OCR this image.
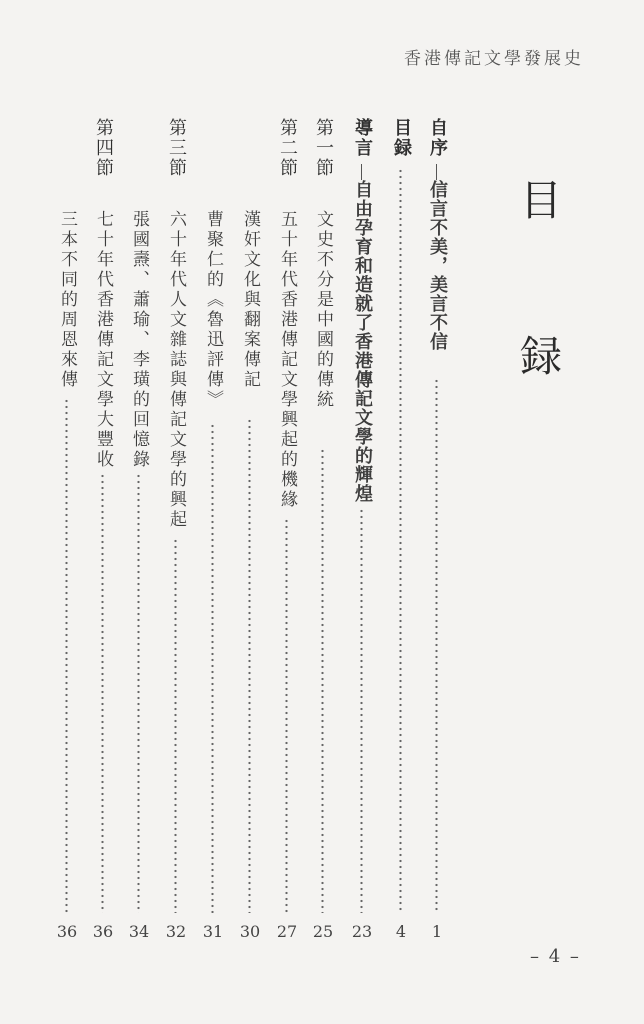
香港傳記文學發展史
目　録
自序
信言不美，美言不信
1
目録
4
導言
自由孕育和造就了香港傳記文學的輝煌
23
第一節
文史不分是中國的傳統
25
第二節
五十年代香港傳記文學興起的機緣
27
漢奸文化與翻案傳記
30
曹聚仁的《魯迅評傳》
31
第三節
六十年代人文雜誌與傳記文學的興起
32
張國燾、蕭瑜、李璜的回憶錄
34
第四節
七十年代香港傳記文學大豐收
36
三本不同的周恩來傳
36
– 4 –
